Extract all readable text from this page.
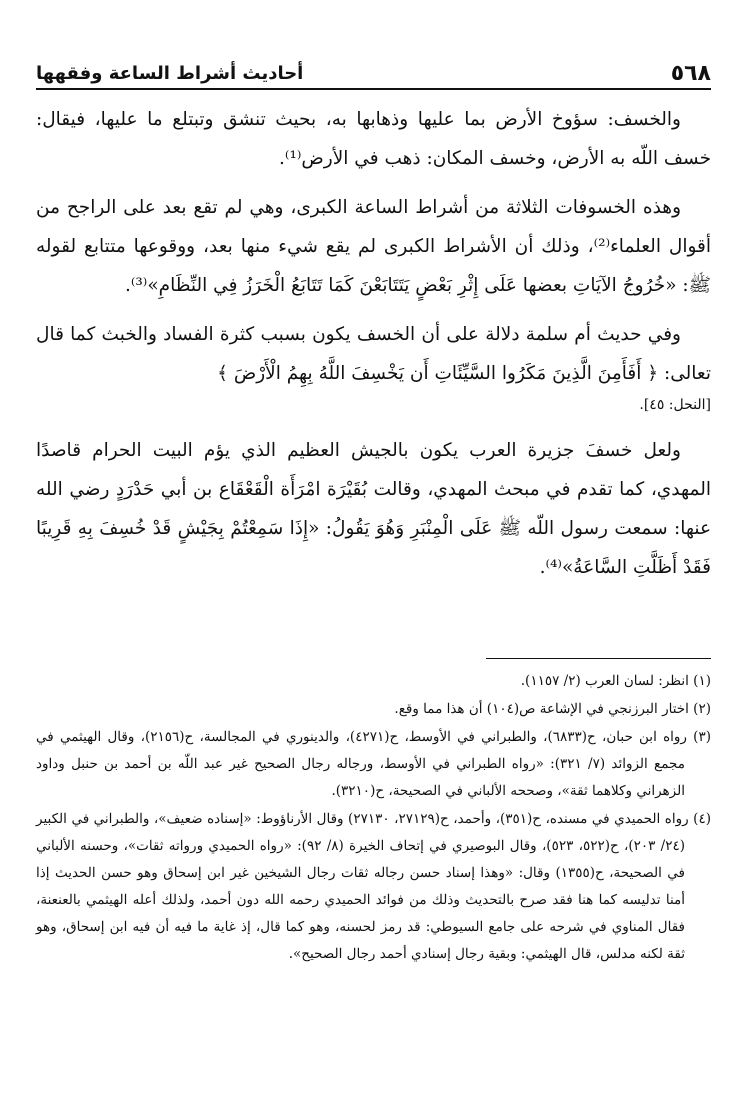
٥٦٨
أحاديث أشراط الساعة وفقهها

والخسف: سؤوخ الأرض بما عليها وذهابها به، بحيث تنشق وتبتلع ما عليها، فيقال: خسف اللّه به الأرض، وخسف المكان: ذهب في الأرض⁽¹⁾.

وهذه الخسوفات الثلاثة من أشراط الساعة الكبرى، وهي لم تقع بعد على الراجح من أقوال العلماء⁽²⁾، وذلك أن الأشراط الكبرى لم يقع شيء منها بعد، ووقوعها متتابع لقوله ﷺ: «خُرُوجُ الآيَاتِ بعضها عَلَى إِثْرِ بَعْضٍ يَتَتَابَعْنَ كَمَا تَتَابَعُ الْخَرَزُ فِي النِّظَامِ»⁽³⁾.

وفي حديث أم سلمة دلالة على أن الخسف يكون بسبب كثرة الفساد والخبث كما قال تعالى: ﴿ أَفَأَمِنَ الَّذِينَ مَكَرُوا السَّيِّئَاتِ أَن يَخْسِفَ اللَّهُ بِهِمُ الْأَرْضَ ﴾

[النحل: ٤٥].

ولعل خسفَ جزيرة العرب يكون بالجيش العظيم الذي يؤم البيت الحرام قاصدًا المهدي، كما تقدم في مبحث المهدي، وقالت بُقَيْرَة امْرَأَة الْقَعْقَاع بن أبي حَدْرَدٍ رضي الله عنها: سمعت رسول اللّه ﷺ عَلَى الْمِنْبَرِ وَهُوَ يَقُولُ: «إِذَا سَمِعْتُمْ بِجَيْشٍ قَدْ خُسِفَ بِهِ قَرِيبًا فَقَدْ أَظَلَّتِ السَّاعَةُ»⁽⁴⁾.

(١) انظر: لسان العرب (٢/ ١١٥٧).
(٢) اختار البرزنجي في الإشاعة ص(١٠٤) أن هذا مما وقع.
(٣) رواه ابن حبان، ح(٦٨٣٣)، والطبراني في الأوسط، ح(٤٢٧١)، والدينوري في المجالسة، ح(٢١٥٦)، وقال الهيثمي في مجمع الزوائد (٧/ ٣٢١): «رواه الطبراني في الأوسط، ورجاله رجال الصحيح غير عبد اللّه بن أحمد بن حنبل وداود الزهراني وكلاهما ثقة»، وصححه الألباني في الصحيحة، ح(٣٢١٠).
(٤) رواه الحميدي في مسنده، ح(٣٥١)، وأحمد، ح(٢٧١٢٩، ٢٧١٣٠) وقال الأرناؤوط: «إسناده ضعيف»، والطبراني في الكبير (٢٤/ ٢٠٣)، ح(٥٢٢، ٥٢٣)، وقال البوصيري في إتحاف الخيرة (٨/ ٩٢): «رواه الحميدي ورواته ثقات»، وحسنه الألباني في الصحيحة، ح(١٣٥٥) وقال: «وهذا إسناد حسن رجاله ثقات رجال الشيخين غير ابن إسحاق وهو حسن الحديث إذا أمنا تدليسه كما هنا فقد صرح بالتحديث وذلك من فوائد الحميدي رحمه الله دون أحمد، ولذلك أعله الهيثمي بالعنعنة، فقال المناوي في شرحه على جامع السيوطي: قد رمز لحسنه، وهو كما قال، إذ غاية ما فيه أن فيه ابن إسحاق، وهو ثقة لكنه مدلس، قال الهيثمي: وبقية رجال إسنادي أحمد رجال الصحيح».
